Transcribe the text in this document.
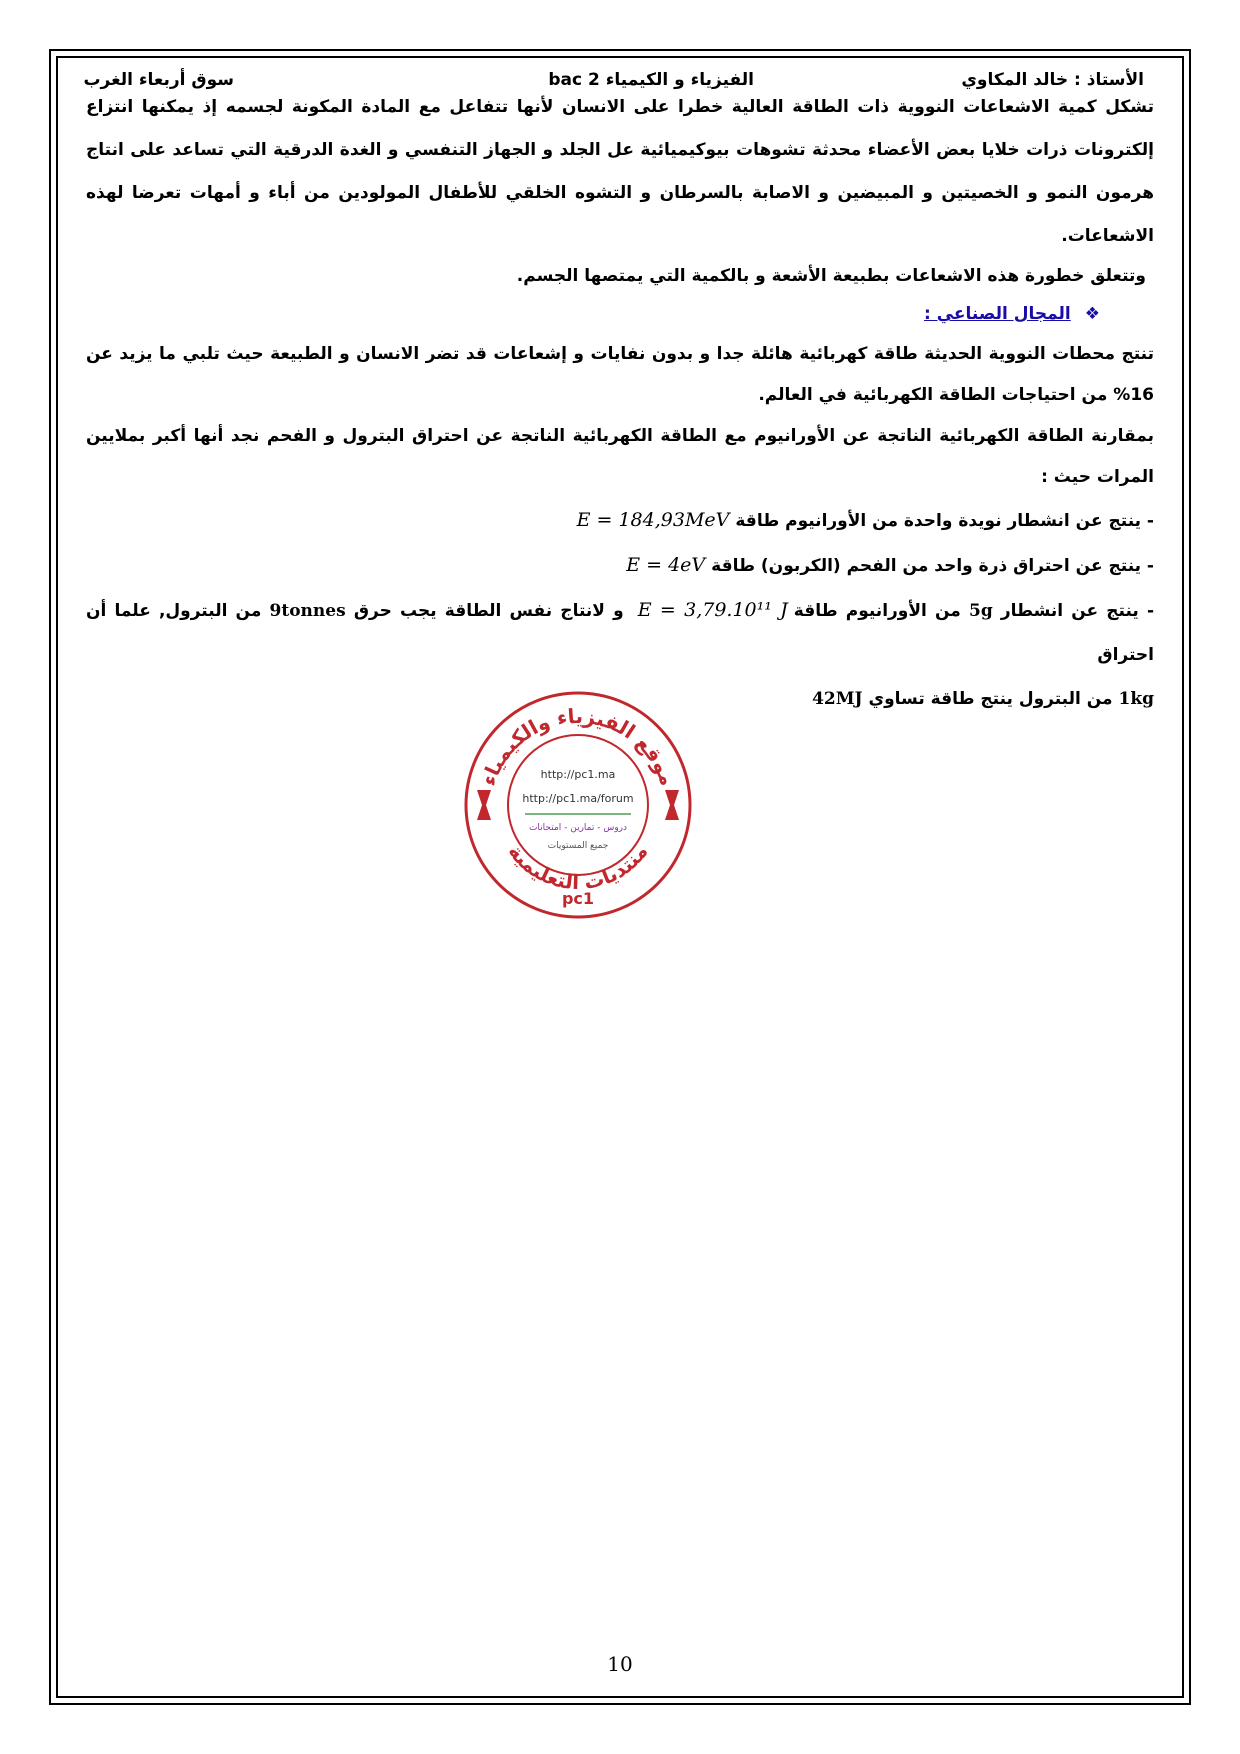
الأستاذ : خالد المكاوي
الفيزياء و الكيمياء 2 bac
سوق أربعاء الغرب

تشكل كمية الاشعاعات النووية ذات الطاقة العالية خطرا على الانسان لأنها تتفاعل مع المادة المكونة لجسمه إذ يمكنها انتزاع إلكترونات ذرات خلايا بعض الأعضاء محدثة تشوهات بيوكيميائية عل الجلد و الجهاز التنفسي و الغدة الدرقية التي تساعد على انتاج هرمون النمو و الخصيتين و المبيضين و الاصابة بالسرطان و التشوه الخلقي للأطفال المولودين من أباء و أمهات تعرضا لهذه الاشعاعات.

وتتعلق خطورة هذه الاشعاعات بطبيعة الأشعة و بالكمية التي يمتصها الجسم.

❖المجال الصناعي :

تنتج محطات النووية الحديثة طاقة كهربائية هائلة جدا و بدون نفايات و إشعاعات قد تضر الانسان و الطبيعة حيث تلبي ما يزيد عن 16% من احتياجات الطاقة الكهربائية في العالم.

بمقارنة الطاقة الكهربائية الناتجة عن الأورانيوم مع الطاقة الكهربائية الناتجة عن احتراق البترول و الفحم نجد أنها أكبر بملايين المرات حيث :

- ينتج عن انشطار نويدة واحدة من الأورانيوم طاقةE = 184,93MeV

- ينتج عن احتراق ذرة واحد من الفحم (الكربون) طاقةE = 4eV

- ينتج عن انشطار 5g من الأورانيوم طاقةE = 3,79.10¹¹ J و لانتاج نفس الطاقة يجب حرق 9tonnes من البترول, علما أن احتراق

1kg من البترول ينتج طاقة تساوي 42MJ

موقع الفيزياء والكيمياء
منتديات التعليمية
http://pc1.ma
http://pc1.ma/forum
دروس - تمارين - امتحانات
جميع المستويات
pc1
10
